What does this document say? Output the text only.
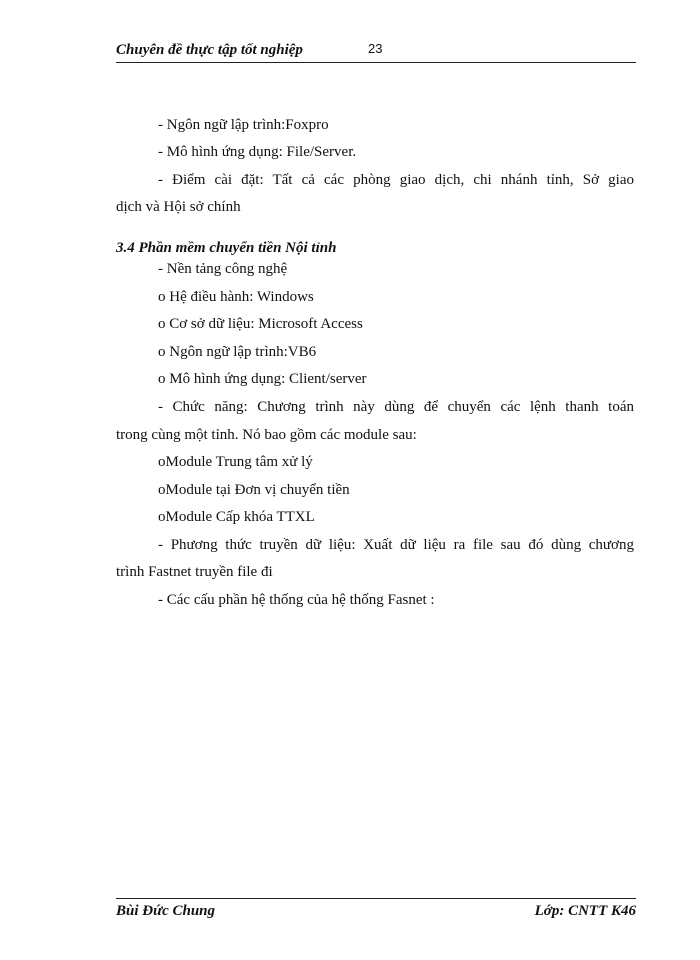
Chuyên đề thực tập tốt nghiệp	23
- Ngôn ngữ lập trình:Foxpro
- Mô hình ứng dụng: File/Server.
- Điểm cài đặt: Tất cả các phòng giao dịch, chi nhánh tỉnh, Sở giao
dịch và Hội sở chính
3.4 Phần mềm chuyển tiền Nội tỉnh
- Nền tảng công nghệ
o Hệ điều hành: Windows
o Cơ sở dữ liệu: Microsoft Access
o Ngôn ngữ lập trình:VB6
o Mô hình ứng dụng: Client/server
- Chức năng: Chương trình này dùng để chuyển các lệnh thanh toán
trong cùng một tỉnh. Nó bao gồm các module sau:
oModule Trung tâm xử lý
oModule tại Đơn vị chuyển tiền
oModule Cấp khóa TTXL
- Phương thức truyền dữ liệu: Xuất dữ liệu ra file sau đó dùng chương
trình Fastnet truyền file đi
- Các cấu phần hệ thống của hệ thống Fasnet :
Bùi Đức Chung	Lớp: CNTT K46
